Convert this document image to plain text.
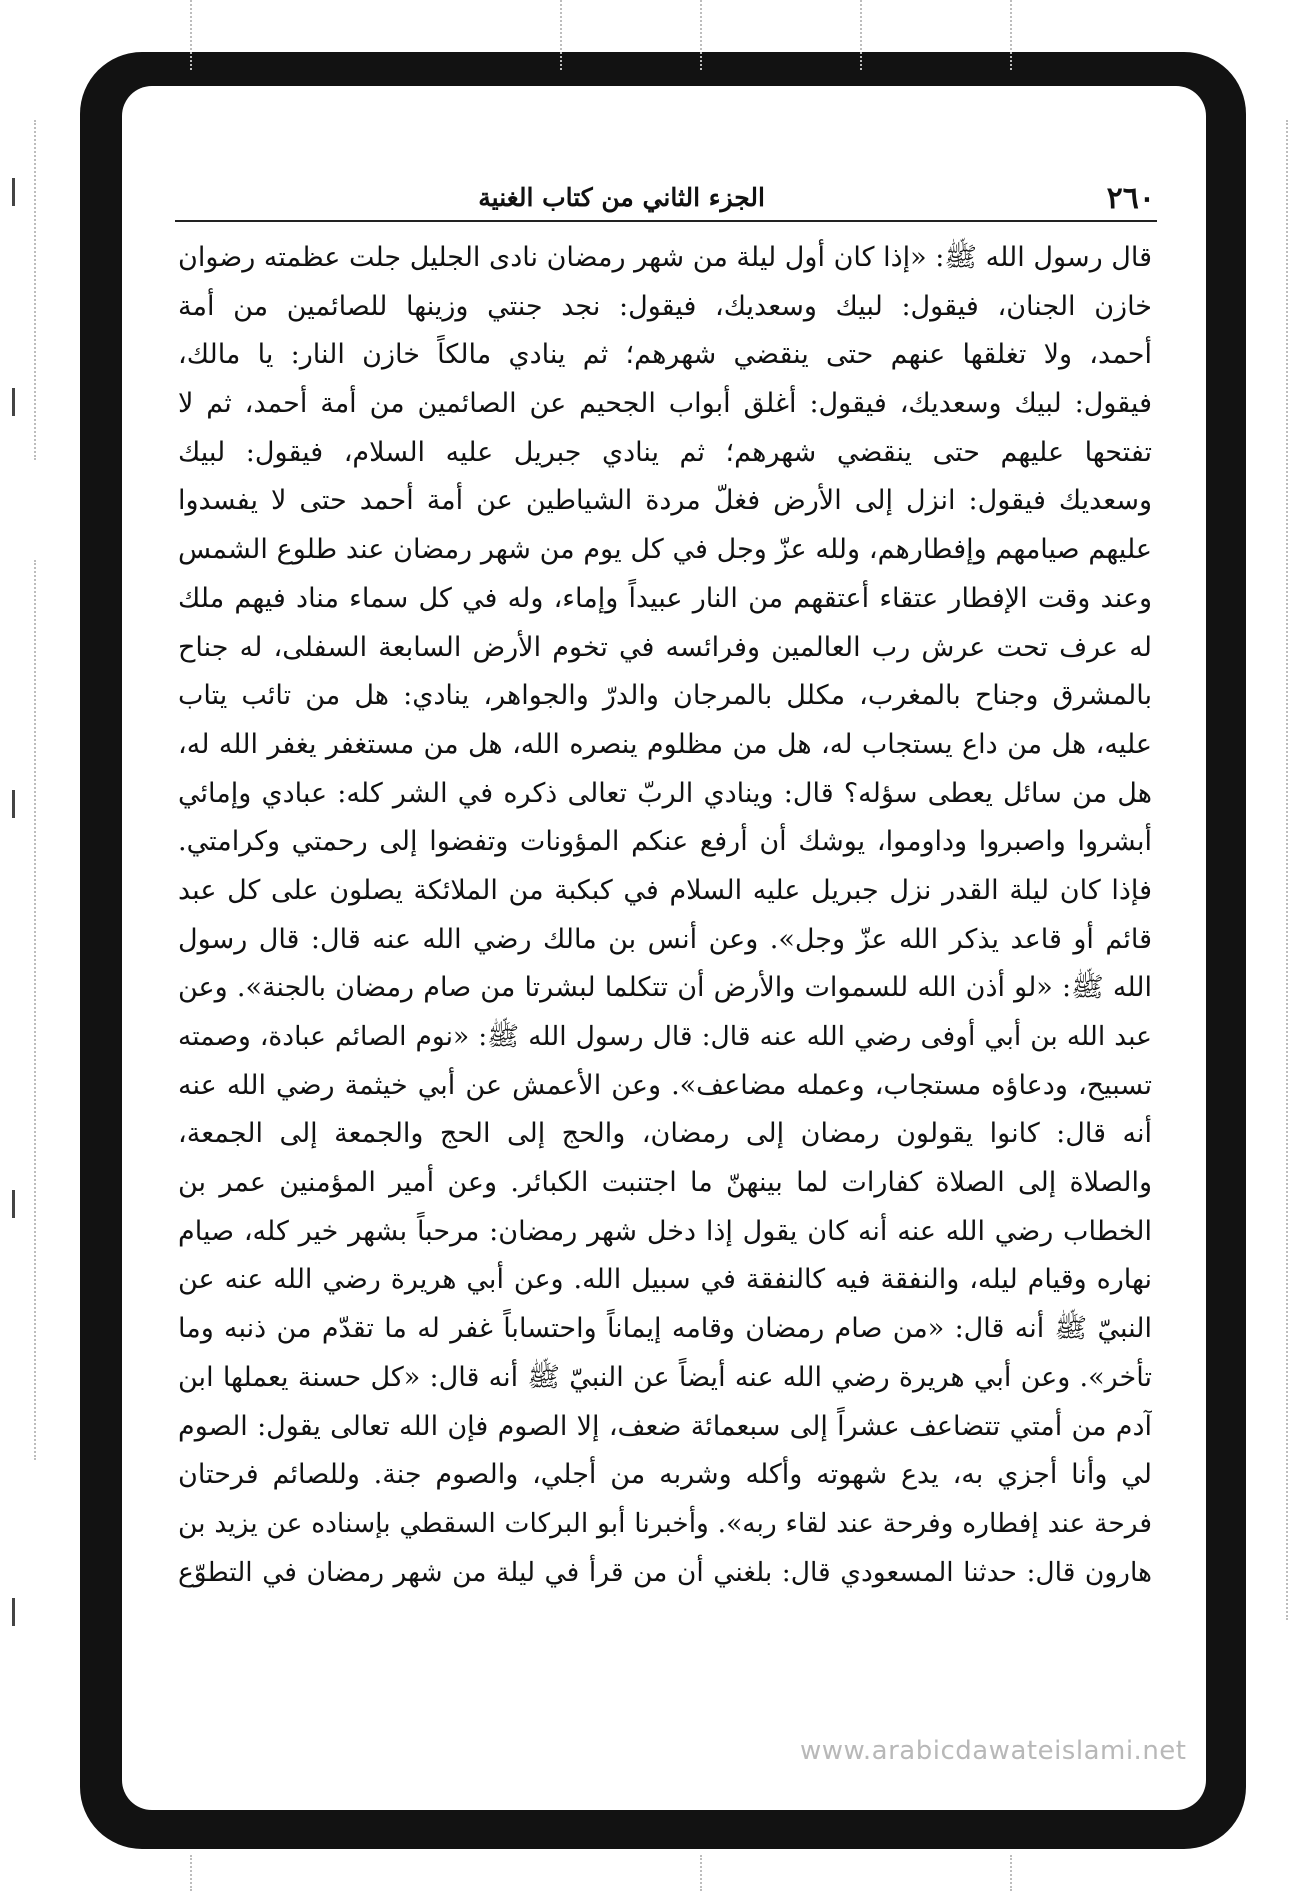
٢٦٠
الجزء الثاني من كتاب الغنية
قال رسول الله ﷺ: «إذا كان أول ليلة من شهر رمضان نادى الجليل جلت عظمته رضوان
خازن الجنان، فيقول: لبيك وسعديك، فيقول: نجد جنتي وزينها للصائمين من أمة
أحمد، ولا تغلقها عنهم حتى ينقضي شهرهم؛ ثم ينادي مالكاً خازن النار: يا مالك،
فيقول: لبيك وسعديك، فيقول: أغلق أبواب الجحيم عن الصائمين من أمة أحمد، ثم لا
تفتحها عليهم حتى ينقضي شهرهم؛ ثم ينادي جبريل عليه السلام، فيقول: لبيك
وسعديك فيقول: انزل إلى الأرض فغلّ مردة الشياطين عن أمة أحمد حتى لا يفسدوا
عليهم صيامهم وإفطارهم، ولله عزّ وجل في كل يوم من شهر رمضان عند طلوع الشمس
وعند وقت الإفطار عتقاء أعتقهم من النار عبيداً وإماء، وله في كل سماء مناد فيهم ملك
له عرف تحت عرش رب العالمين وفرائسه في تخوم الأرض السابعة السفلى، له جناح
بالمشرق وجناح بالمغرب، مكلل بالمرجان والدرّ والجواهر، ينادي: هل من تائب يتاب
عليه، هل من داع يستجاب له، هل من مظلوم ينصره الله، هل من مستغفر يغفر الله له،
هل من سائل يعطى سؤله؟ قال: وينادي الربّ تعالى ذكره في الشر كله: عبادي وإمائي
أبشروا واصبروا وداوموا، يوشك أن أرفع عنكم المؤونات وتفضوا إلى رحمتي وكرامتي.
فإذا كان ليلة القدر نزل جبريل عليه السلام في كبكبة من الملائكة يصلون على كل عبد
قائم أو قاعد يذكر الله عزّ وجل». وعن أنس بن مالك رضي الله عنه قال: قال رسول
الله ﷺ: «لو أذن الله للسموات والأرض أن تتكلما لبشرتا من صام رمضان بالجنة». وعن
عبد الله بن أبي أوفى رضي الله عنه قال: قال رسول الله ﷺ: «نوم الصائم عبادة، وصمته
تسبيح، ودعاؤه مستجاب، وعمله مضاعف». وعن الأعمش عن أبي خيثمة رضي الله عنه
أنه قال: كانوا يقولون رمضان إلى رمضان، والحج إلى الحج والجمعة إلى الجمعة،
والصلاة إلى الصلاة كفارات لما بينهنّ ما اجتنبت الكبائر. وعن أمير المؤمنين عمر بن
الخطاب رضي الله عنه أنه كان يقول إذا دخل شهر رمضان: مرحباً بشهر خير كله، صيام
نهاره وقيام ليله، والنفقة فيه كالنفقة في سبيل الله. وعن أبي هريرة رضي الله عنه عن
النبيّ ﷺ أنه قال: «من صام رمضان وقامه إيماناً واحتساباً غفر له ما تقدّم من ذنبه وما
تأخر». وعن أبي هريرة رضي الله عنه أيضاً عن النبيّ ﷺ أنه قال: «كل حسنة يعملها ابن
آدم من أمتي تتضاعف عشراً إلى سبعمائة ضعف، إلا الصوم فإن الله تعالى يقول: الصوم
لي وأنا أجزي به، يدع شهوته وأكله وشربه من أجلي، والصوم جنة. وللصائم فرحتان
فرحة عند إفطاره وفرحة عند لقاء ربه». وأخبرنا أبو البركات السقطي بإسناده عن يزيد بن
هارون قال: حدثنا المسعودي قال: بلغني أن من قرأ في ليلة من شهر رمضان في التطوّع
www.arabicdawateislami.net
